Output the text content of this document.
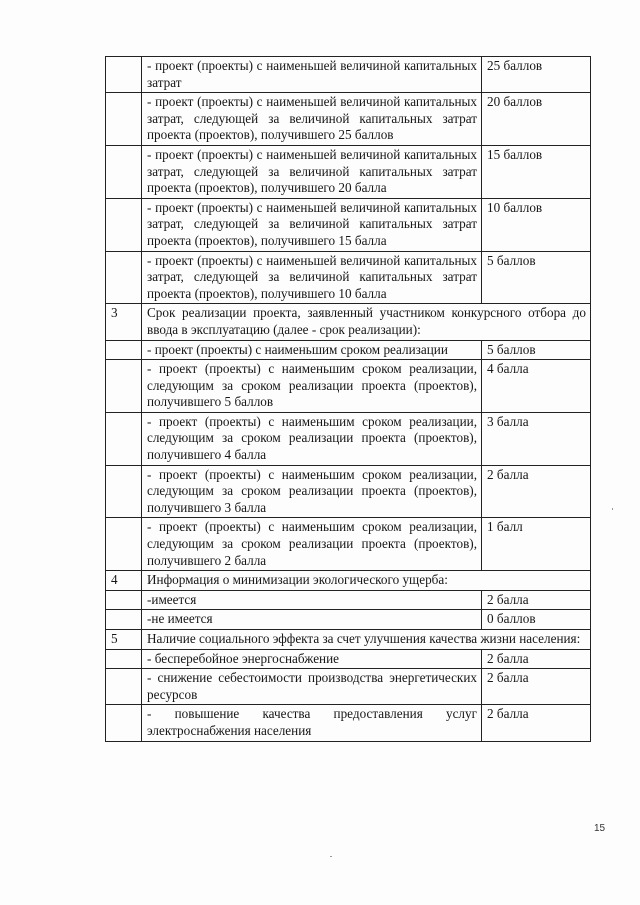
	- проект (проекты) с наименьшей величиной капитальных затрат	25 баллов
	- проект (проекты) с наименьшей величиной капитальных затрат, следующей за величиной капитальных затрат проекта (проектов), получившего 25 баллов	20 баллов
	- проект (проекты) с наименьшей величиной капитальных затрат, следующей за величиной капитальных затрат проекта (проектов), получившего 20 балла	15 баллов
	- проект (проекты) с наименьшей величиной капитальных затрат, следующей за величиной капитальных затрат проекта (проектов), получившего 15 балла	10 баллов
	- проект (проекты) с наименьшей величиной капитальных затрат, следующей за величиной капитальных затрат проекта (проектов), получившего 10 балла	5 баллов
3	Срок реализации проекта, заявленный участником конкурсного отбора до ввода в эксплуатацию (далее - срок реализации):	
	- проект (проекты) с наименьшим сроком реализации	5 баллов
	- проект (проекты) с наименьшим сроком реализации, следующим за сроком реализации проекта (проектов), получившего 5 баллов	4 балла
	- проект (проекты) с наименьшим сроком реализации, следующим за сроком реализации проекта (проектов), получившего 4 балла	3 балла
	- проект (проекты) с наименьшим сроком реализации, следующим за сроком реализации проекта (проектов), получившего 3 балла	2 балла
	- проект (проекты) с наименьшим сроком реализации, следующим за сроком реализации проекта (проектов), получившего 2 балла	1 балл
4	Информация о минимизации экологического ущерба:	
	-имеется	2 балла
	-не имеется	0 баллов
5	Наличие социального эффекта за счет улучшения качества жизни населения:	
	- бесперебойное энергоснабжение	2 балла
	- снижение себестоимости производства энергетических ресурсов	2 балла
	- повышение качества предоставления услуг электроснабжения населения	2 балла
15
